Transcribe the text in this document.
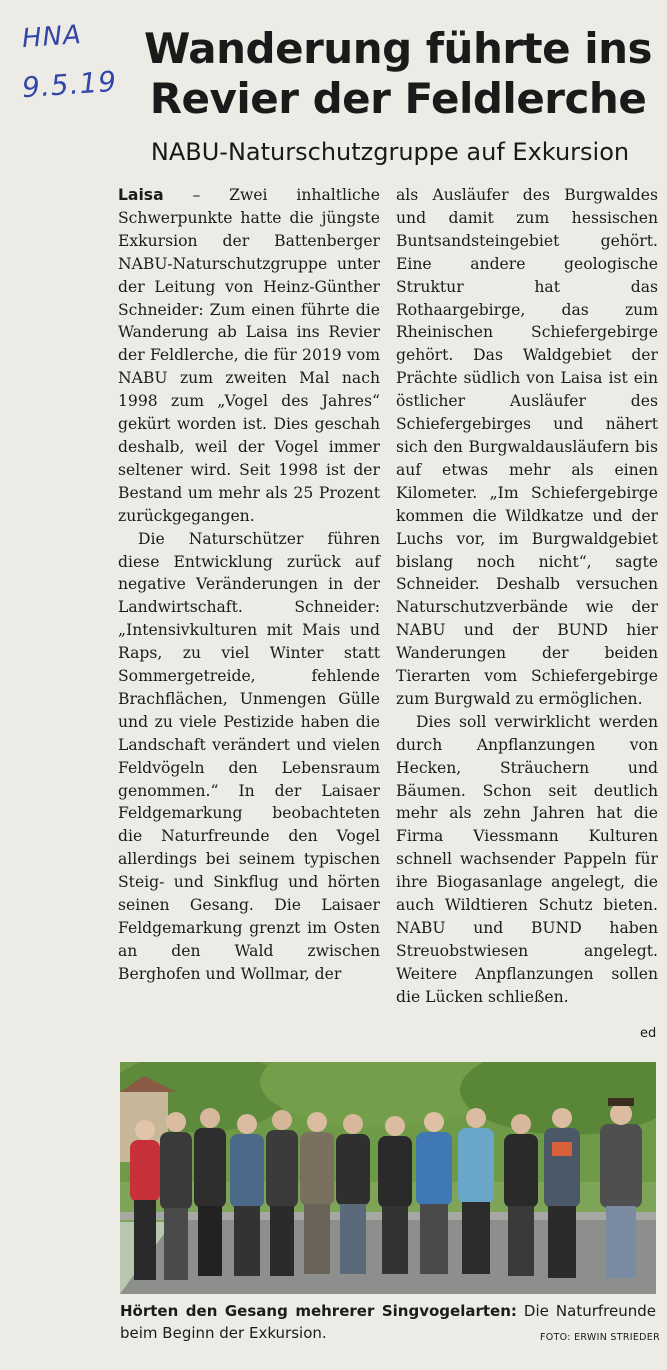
HNA
9.5.19
Wanderung führte ins
Revier der Feldlerche
NABU-Naturschutzgruppe auf Exkursion

Laisa – Zwei inhaltliche Schwerpunkte hatte die jüngste Exkursion der Battenberger NABU-Naturschutzgruppe unter der Leitung von Heinz-Günther Schneider: Zum einen führte die Wanderung ab Laisa ins Revier der Feldlerche, die für 2019 vom NABU zum zweiten Mal nach 1998 zum „Vogel des Jahres“ gekürt worden ist. Dies geschah deshalb, weil der Vogel immer seltener wird. Seit 1998 ist der Bestand um mehr als 25 Prozent zurückgegangen.

Die Naturschützer führen diese Entwicklung zurück auf negative Veränderungen in der Landwirtschaft. Schneider: „Intensivkulturen mit Mais und Raps, zu viel Winter statt Sommergetreide, fehlende Brachflächen, Unmengen Gülle und zu viele Pestizide haben die Landschaft verändert und vielen Feldvögeln den Lebensraum genommen.“ In der Laisaer Feldgemarkung beobachteten die Naturfreunde den Vogel allerdings bei seinem typischen Steig- und Sinkflug und hörten seinen Gesang. Die Laisaer Feldgemarkung grenzt im Osten an den Wald zwischen Berghofen und Wollmar, der

als Ausläufer des Burgwaldes und damit zum hessischen Buntsandsteingebiet gehört. Eine andere geologische Struktur hat das Rothaargebirge, das zum Rheinischen Schiefergebirge gehört. Das Waldgebiet der Prächte südlich von Laisa ist ein östlicher Ausläufer des Schiefergebirges und nähert sich den Burgwaldausläufern bis auf etwas mehr als einen Kilometer. „Im Schiefergebirge kommen die Wildkatze und der Luchs vor, im Burgwaldgebiet bislang noch nicht“, sagte Schneider. Deshalb versuchen Naturschutzverbände wie der NABU und der BUND hier Wanderungen der beiden Tierarten vom Schiefergebirge zum Burgwald zu ermöglichen.

Dies soll verwirklicht werden durch Anpflanzungen von Hecken, Sträuchern und Bäumen. Schon seit deutlich mehr als zehn Jahren hat die Firma Viessmann Kulturen schnell wachsender Pappeln für ihre Biogasanlage angelegt, die auch Wildtieren Schutz bieten. NABU und BUND haben Streuobstwiesen angelegt. Weitere Anpflanzungen sollen die Lücken schließen.

ed
Hörten den Gesang mehrerer Singvogelarten: Die Naturfreunde beim Beginn der Exkursion.	FOTO: ERWIN STRIEDER
